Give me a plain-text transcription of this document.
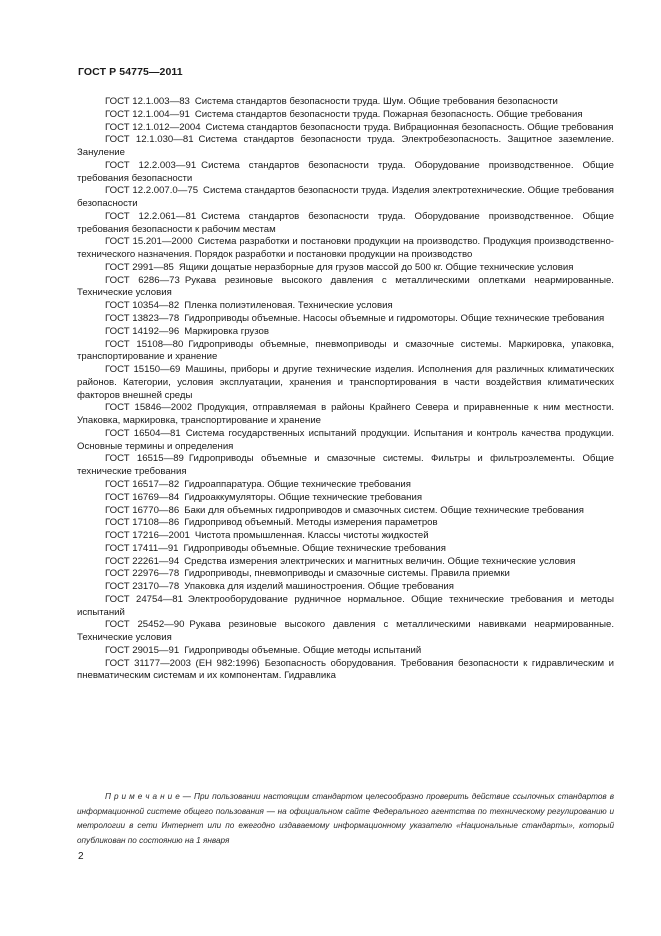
ГОСТ Р 54775—2011
ГОСТ 12.1.003—83 Система стандартов безопасности труда. Шум. Общие требования безопасности
ГОСТ 12.1.004—91 Система стандартов безопасности труда. Пожарная безопасность. Общие требования
ГОСТ 12.1.012—2004 Система стандартов безопасности труда. Вибрационная безопасность. Общие требования
ГОСТ 12.1.030—81 Система стандартов безопасности труда. Электробезопасность. Защитное заземление. Зануление
ГОСТ 12.2.003—91 Система стандартов безопасности труда. Оборудование производственное. Общие требования безопасности
ГОСТ 12.2.007.0—75 Система стандартов безопасности труда. Изделия электротехнические. Общие требования безопасности
ГОСТ 12.2.061—81 Система стандартов безопасности труда. Оборудование производственное. Общие требования безопасности к рабочим местам
ГОСТ 15.201—2000 Система разработки и постановки продукции на производство. Продукция производственно-технического назначения. Порядок разработки и постановки продукции на производство
ГОСТ 2991—85 Ящики дощатые неразборные для грузов массой до 500 кг. Общие технические условия
ГОСТ 6286—73 Рукава резиновые высокого давления с металлическими оплетками неармированные. Технические условия
ГОСТ 10354—82 Пленка полиэтиленовая. Технические условия
ГОСТ 13823—78 Гидроприводы объемные. Насосы объемные и гидромоторы. Общие технические требования
ГОСТ 14192—96 Маркировка грузов
ГОСТ 15108—80 Гидроприводы объемные, пневмоприводы и смазочные системы. Маркировка, упаковка, транспортирование и хранение
ГОСТ 15150—69 Машины, приборы и другие технические изделия. Исполнения для различных климатических районов. Категории, условия эксплуатации, хранения и транспортирования в части воздействия климатических факторов внешней среды
ГОСТ 15846—2002 Продукция, отправляемая в районы Крайнего Севера и приравненные к ним местности. Упаковка, маркировка, транспортирование и хранение
ГОСТ 16504—81 Система государственных испытаний продукции. Испытания и контроль качества продукции. Основные термины и определения
ГОСТ 16515—89 Гидроприводы объемные и смазочные системы. Фильтры и фильтроэлементы. Общие технические требования
ГОСТ 16517—82 Гидроаппаратура. Общие технические требования
ГОСТ 16769—84 Гидроаккумуляторы. Общие технические требования
ГОСТ 16770—86 Баки для объемных гидроприводов и смазочных систем. Общие технические требования
ГОСТ 17108—86 Гидропривод объемный. Методы измерения параметров
ГОСТ 17216—2001 Чистота промышленная. Классы чистоты жидкостей
ГОСТ 17411—91 Гидроприводы объемные. Общие технические требования
ГОСТ 22261—94 Средства измерения электрических и магнитных величин. Общие технические условия
ГОСТ 22976—78 Гидроприводы, пневмоприводы и смазочные системы. Правила приемки
ГОСТ 23170—78 Упаковка для изделий машиностроения. Общие требования
ГОСТ 24754—81 Электрооборудование рудничное нормальное. Общие технические требования и методы испытаний
ГОСТ 25452—90 Рукава резиновые высокого давления с металлическими навивками неармированные. Технические условия
ГОСТ 29015—91 Гидроприводы объемные. Общие методы испытаний
ГОСТ 31177—2003 (ЕН 982:1996) Безопасность оборудования. Требования безопасности к гидравлическим и пневматическим системам и их компонентам. Гидравлика

П р и м е ч а н и е — При пользовании настоящим стандартом целесообразно проверить действие ссылочных стандартов в информационной системе общего пользования — на официальном сайте Федерального агентства по техническому регулированию и метрологии в сети Интернет или по ежегодно издаваемому информационному указателю «Национальные стандарты», который опубликован по состоянию на 1 января

2
